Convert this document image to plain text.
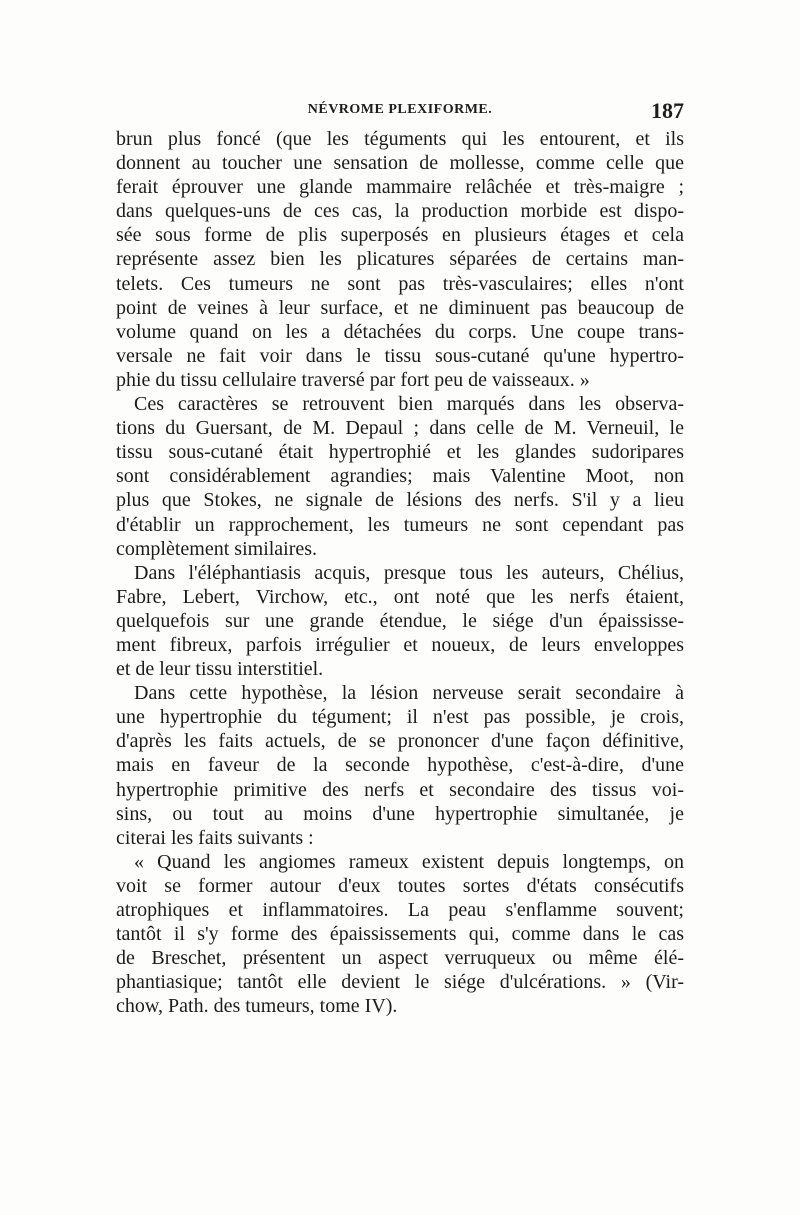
NÉVROME PLEXIFORME.	187
brun plus foncé (que les téguments qui les entourent, et ils
donnent au toucher une sensation de mollesse, comme celle que
ferait éprouver une glande mammaire relâchée et très-maigre ;
dans quelques-uns de ces cas, la production morbide est dispo-
sée sous forme de plis superposés en plusieurs étages et cela
représente assez bien les plicatures séparées de certains man-
telets. Ces tumeurs ne sont pas très-vasculaires; elles n'ont
point de veines à leur surface, et ne diminuent pas beaucoup de
volume quand on les a détachées du corps. Une coupe trans-
versale ne fait voir dans le tissu sous-cutané qu'une hypertro-
phie du tissu cellulaire traversé par fort peu de vaisseaux. »
Ces caractères se retrouvent bien marqués dans les observa-
tions du Guersant, de M. Depaul ; dans celle de M. Verneuil, le
tissu sous-cutané était hypertrophié et les glandes sudoripares
sont considérablement agrandies; mais Valentine Moot, non
plus que Stokes, ne signale de lésions des nerfs. S'il y a lieu
d'établir un rapprochement, les tumeurs ne sont cependant pas
complètement similaires.
Dans l'éléphantiasis acquis, presque tous les auteurs, Chélius,
Fabre, Lebert, Virchow, etc., ont noté que les nerfs étaient,
quelquefois sur une grande étendue, le siége d'un épaississe-
ment fibreux, parfois irrégulier et noueux, de leurs enveloppes
et de leur tissu interstitiel.
Dans cette hypothèse, la lésion nerveuse serait secondaire à
une hypertrophie du tégument; il n'est pas possible, je crois,
d'après les faits actuels, de se prononcer d'une façon définitive,
mais en faveur de la seconde hypothèse, c'est-à-dire, d'une
hypertrophie primitive des nerfs et secondaire des tissus voi-
sins, ou tout au moins d'une hypertrophie simultanée, je
citerai les faits suivants :
« Quand les angiomes rameux existent depuis longtemps, on
voit se former autour d'eux toutes sortes d'états consécutifs
atrophiques et inflammatoires. La peau s'enflamme souvent;
tantôt il s'y forme des épaississements qui, comme dans le cas
de Breschet, présentent un aspect verruqueux ou même élé-
phantiasique; tantôt elle devient le siége d'ulcérations. » (Vir-
chow, Path. des tumeurs, tome IV).
